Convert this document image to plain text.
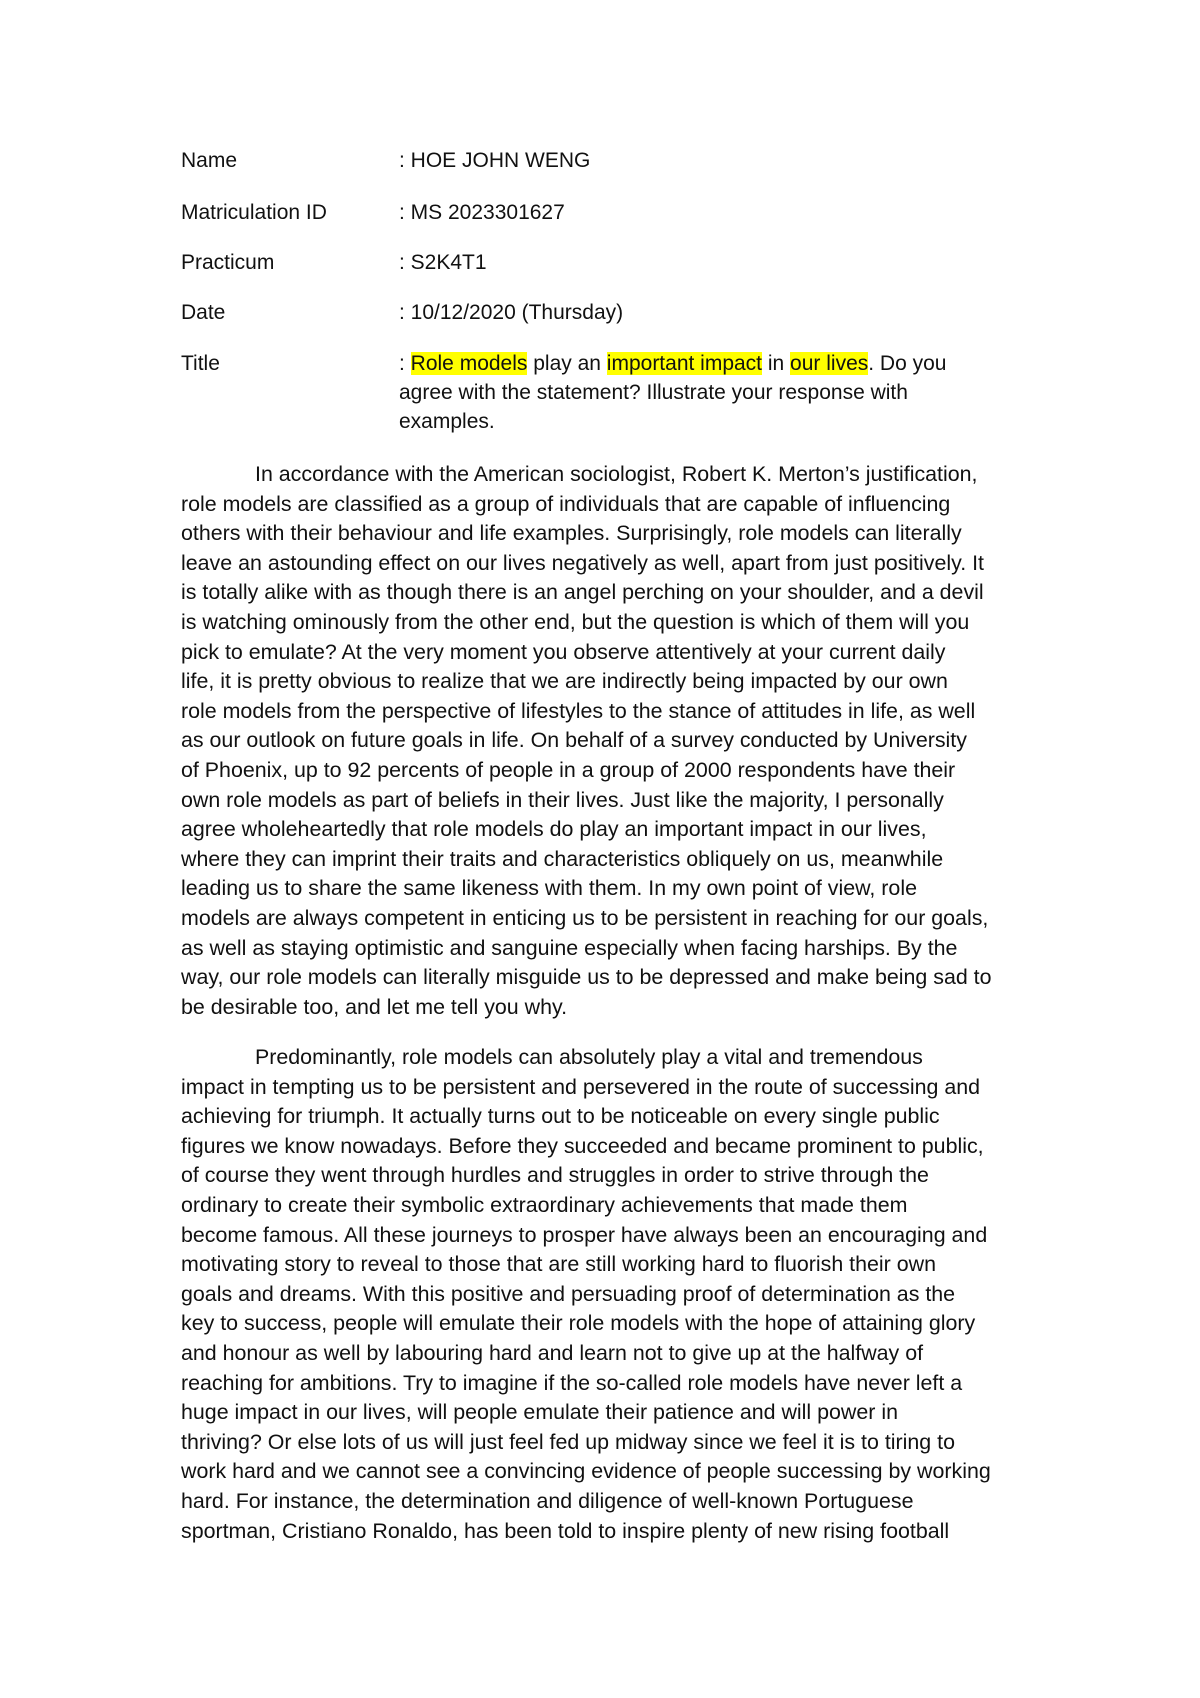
Name	: HOE JOHN WENG
Matriculation ID	: MS 2023301627
Practicum	: S2K4T1
Date	: 10/12/2020 (Thursday)
Title	: Role models play an important impact in our lives. Do you
agree with the statement? Illustrate your response with
examples.
In accordance with the American sociologist, Robert K. Merton’s justification,
role models are classified as a group of individuals that are capable of influencing
others with their behaviour and life examples. Surprisingly, role models can literally
leave an astounding effect on our lives negatively as well, apart from just positively. It
is totally alike with as though there is an angel perching on your shoulder, and a devil
is watching ominously from the other end, but the question is which of them will you
pick to emulate? At the very moment you observe attentively at your current daily
life, it is pretty obvious to realize that we are indirectly being impacted by our own
role models from the perspective of lifestyles to the stance of attitudes in life, as well
as our outlook on future goals in life. On behalf of a survey conducted by University
of Phoenix, up to 92 percents of people in a group of 2000 respondents have their
own role models as part of beliefs in their lives. Just like the majority, I personally
agree wholeheartedly that role models do play an important impact in our lives,
where they can imprint their traits and characteristics obliquely on us, meanwhile
leading us to share the same likeness with them. In my own point of view, role
models are always competent in enticing us to be persistent in reaching for our goals,
as well as staying optimistic and sanguine especially when facing harships. By the
way, our role models can literally misguide us to be depressed and make being sad to
be desirable too, and let me tell you why.
Predominantly, role models can absolutely play a vital and tremendous
impact in tempting us to be persistent and persevered in the route of successing and
achieving for triumph. It actually turns out to be noticeable on every single public
figures we know nowadays. Before they succeeded and became prominent to public,
of course they went through hurdles and struggles in order to strive through the
ordinary to create their symbolic extraordinary achievements that made them
become famous. All these journeys to prosper have always been an encouraging and
motivating story to reveal to those that are still working hard to fluorish their own
goals and dreams. With this positive and persuading proof of determination as the
key to success, people will emulate their role models with the hope of attaining glory
and honour as well by labouring hard and learn not to give up at the halfway of
reaching for ambitions. Try to imagine if the so-called role models have never left a
huge impact in our lives, will people emulate their patience and will power in
thriving? Or else lots of us will just feel fed up midway since we feel it is to tiring to
work hard and we cannot see a convincing evidence of people successing by working
hard. For instance, the determination and diligence of well-known Portuguese
sportman, Cristiano Ronaldo, has been told to inspire plenty of new rising football
